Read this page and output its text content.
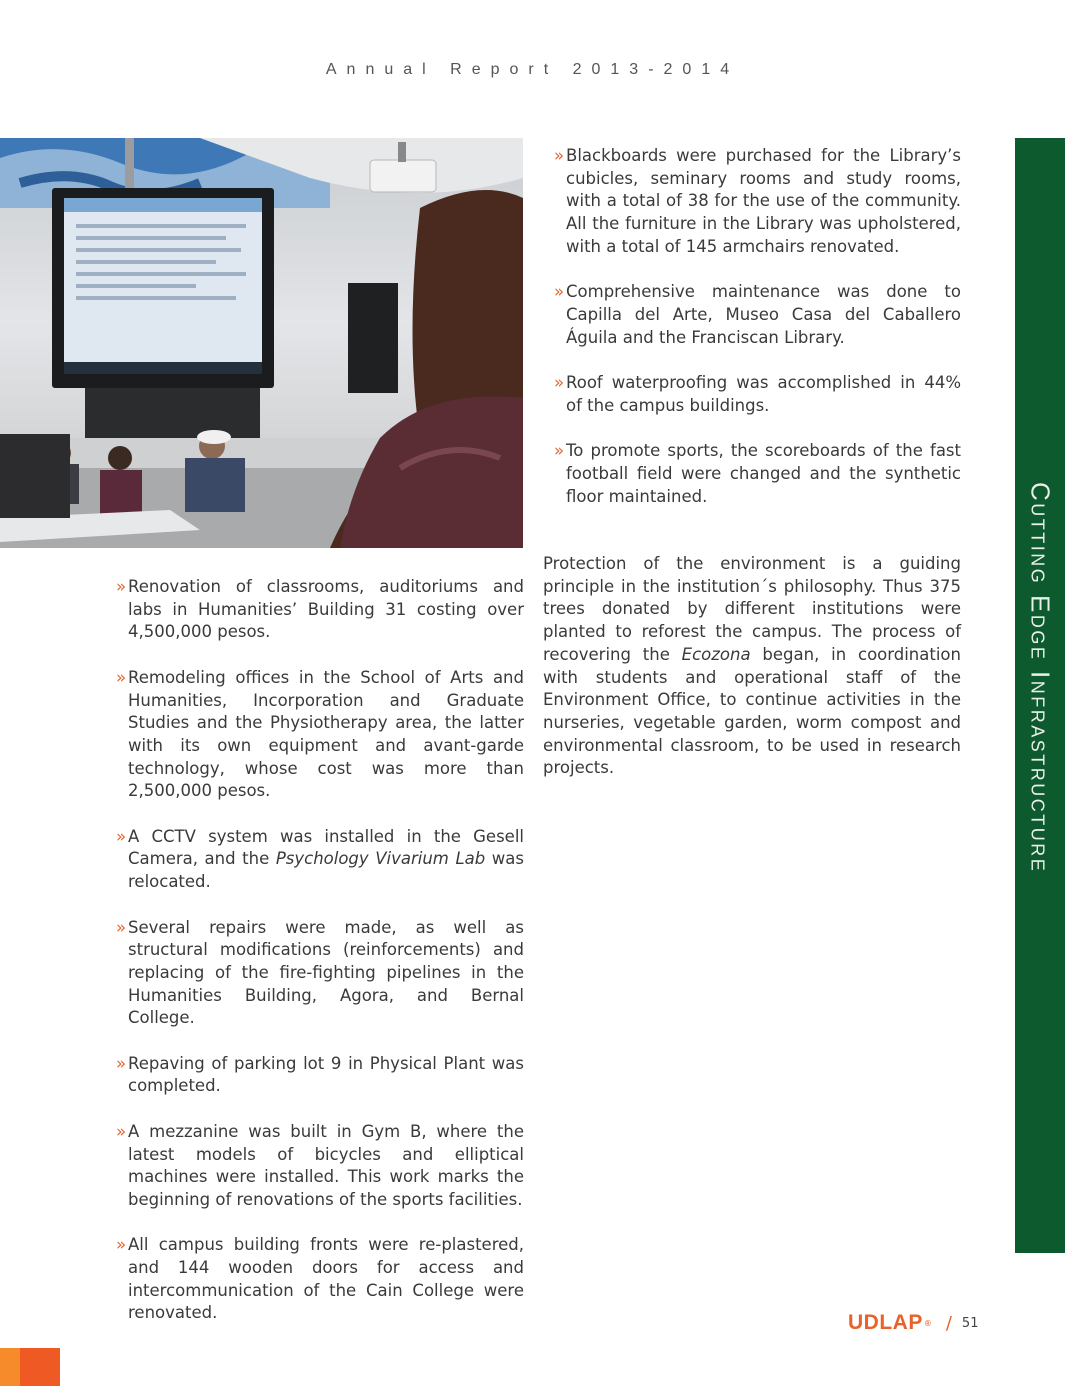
Annual Report 2013-2014
» Renovation of classrooms, auditoriums and labs in Humanities’ Building 31 costing over 4,500,000 pesos.
» Remodeling offices in the School of Arts and Humanities, Incorporation and Graduate Studies and the Physiotherapy area, the latter with its own equipment and avant-garde technology, whose cost was more than 2,500,000 pesos.
» A CCTV system was installed in the Gesell Camera, and the Psychology Vivarium Lab was relocated.
» Several repairs were made, as well as structural modifications (reinforcements) and replacing of the fire-fighting pipelines in the Humanities Building, Agora, and Bernal College.
» Repaving of parking lot 9 in Physical Plant was completed.
» A mezzanine was built in Gym B, where the latest models of bicycles and elliptical machines were installed. This work marks the beginning of renovations of the sports facilities.
» All campus building fronts were re-plastered, and 144 wooden doors for access and intercommunication of the Cain College were renovated.
» Blackboards were purchased for the Library’s cubicles, seminary rooms and study rooms, with a total of 38 for the use of the community. All the furniture in the Library was upholstered, with a total of 145 armchairs renovated.
» Comprehensive maintenance was done to Capilla del Arte, Museo Casa del Caballero Águila and the Franciscan Library.
» Roof waterproofing was accomplished in 44% of the campus buildings.
» To promote sports, the scoreboards of the fast football field were changed and the synthetic floor maintained.

Protection of the environment is a guiding principle in the institution´s philosophy. Thus 375 trees donated by different institutions were planted to reforest the campus. The process of recovering the Ecozona began, in coordination with students and operational staff of the Environment Office, to continue activities in the nurseries, vegetable garden, worm compost and environmental classroom, to be used in research projects.	Cutting Edge Infrastructure
UDLAP ® / 51
